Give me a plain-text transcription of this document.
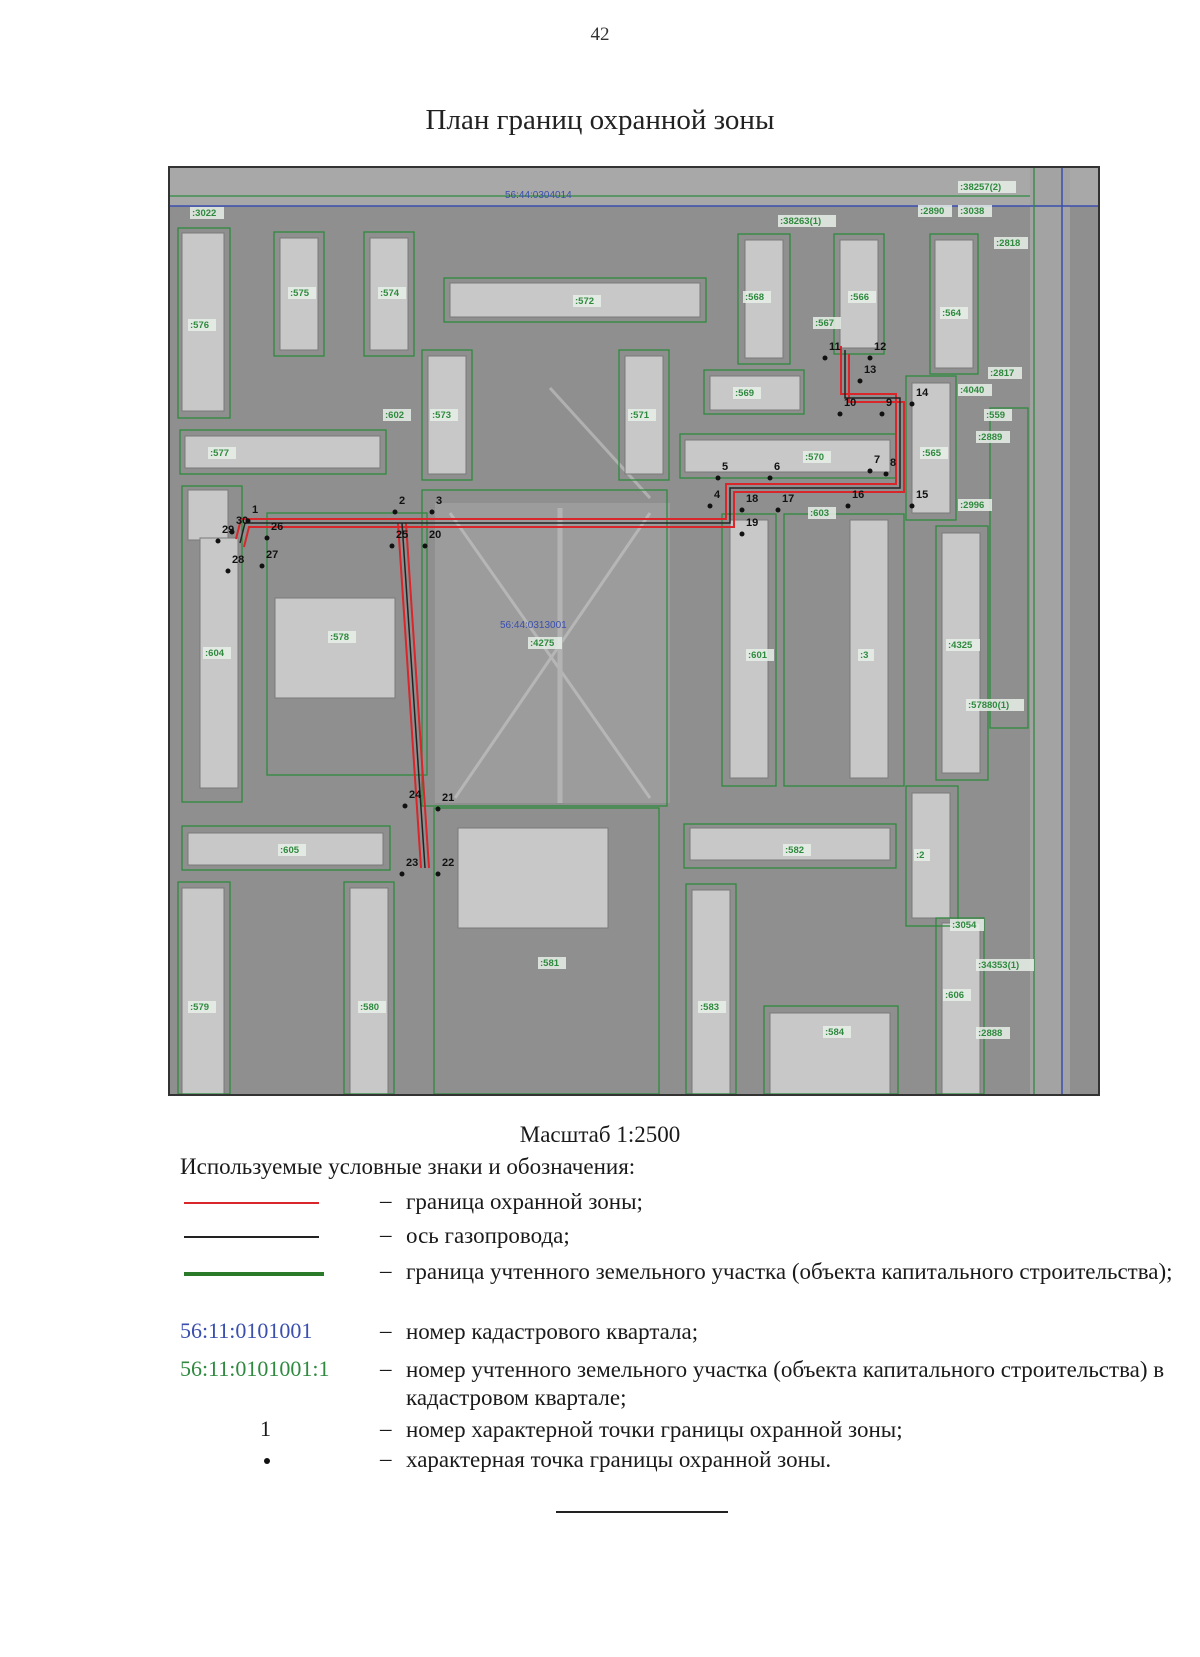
42
План границ охранной зоны
1
2	3	4
5	6
7 8
9
10
11	12
13
14
15
16
17
18
19
20
21
22
23
24
25
26
27
28
29
30
56:44:0304014
56:44:0313001
:3022
:38263(1)
:38257(2)
:2890 :3038
:2818
:576
:575	:574
:572	:568	:566
:564
:567
:569
:573	:571
:602
:577	:570	:565
:4040
:2817
:559
:2889
:2996
:603
:604
:578
:4275
:601	:3
:4325
:57880(1)
:605	:582	:2
:579	:580
:581
:583
:584
:3054
:34353(1)
:606
:2888
Масштаб 1:2500
Используемые условные знаки и обозначения:
– граница охранной зоны;
– ось газопровода;
– граница учтенного земельного участка (объекта капитального строительства);
56:11:0101001	– номер кадастрового квартала;
56:11:0101001:1	– номер учтенного земельного участка (объекта капитального строительства) в кадастровом квартале;
1	– номер характерной точки границы охранной зоны;
– характерная точка границы охранной зоны.
